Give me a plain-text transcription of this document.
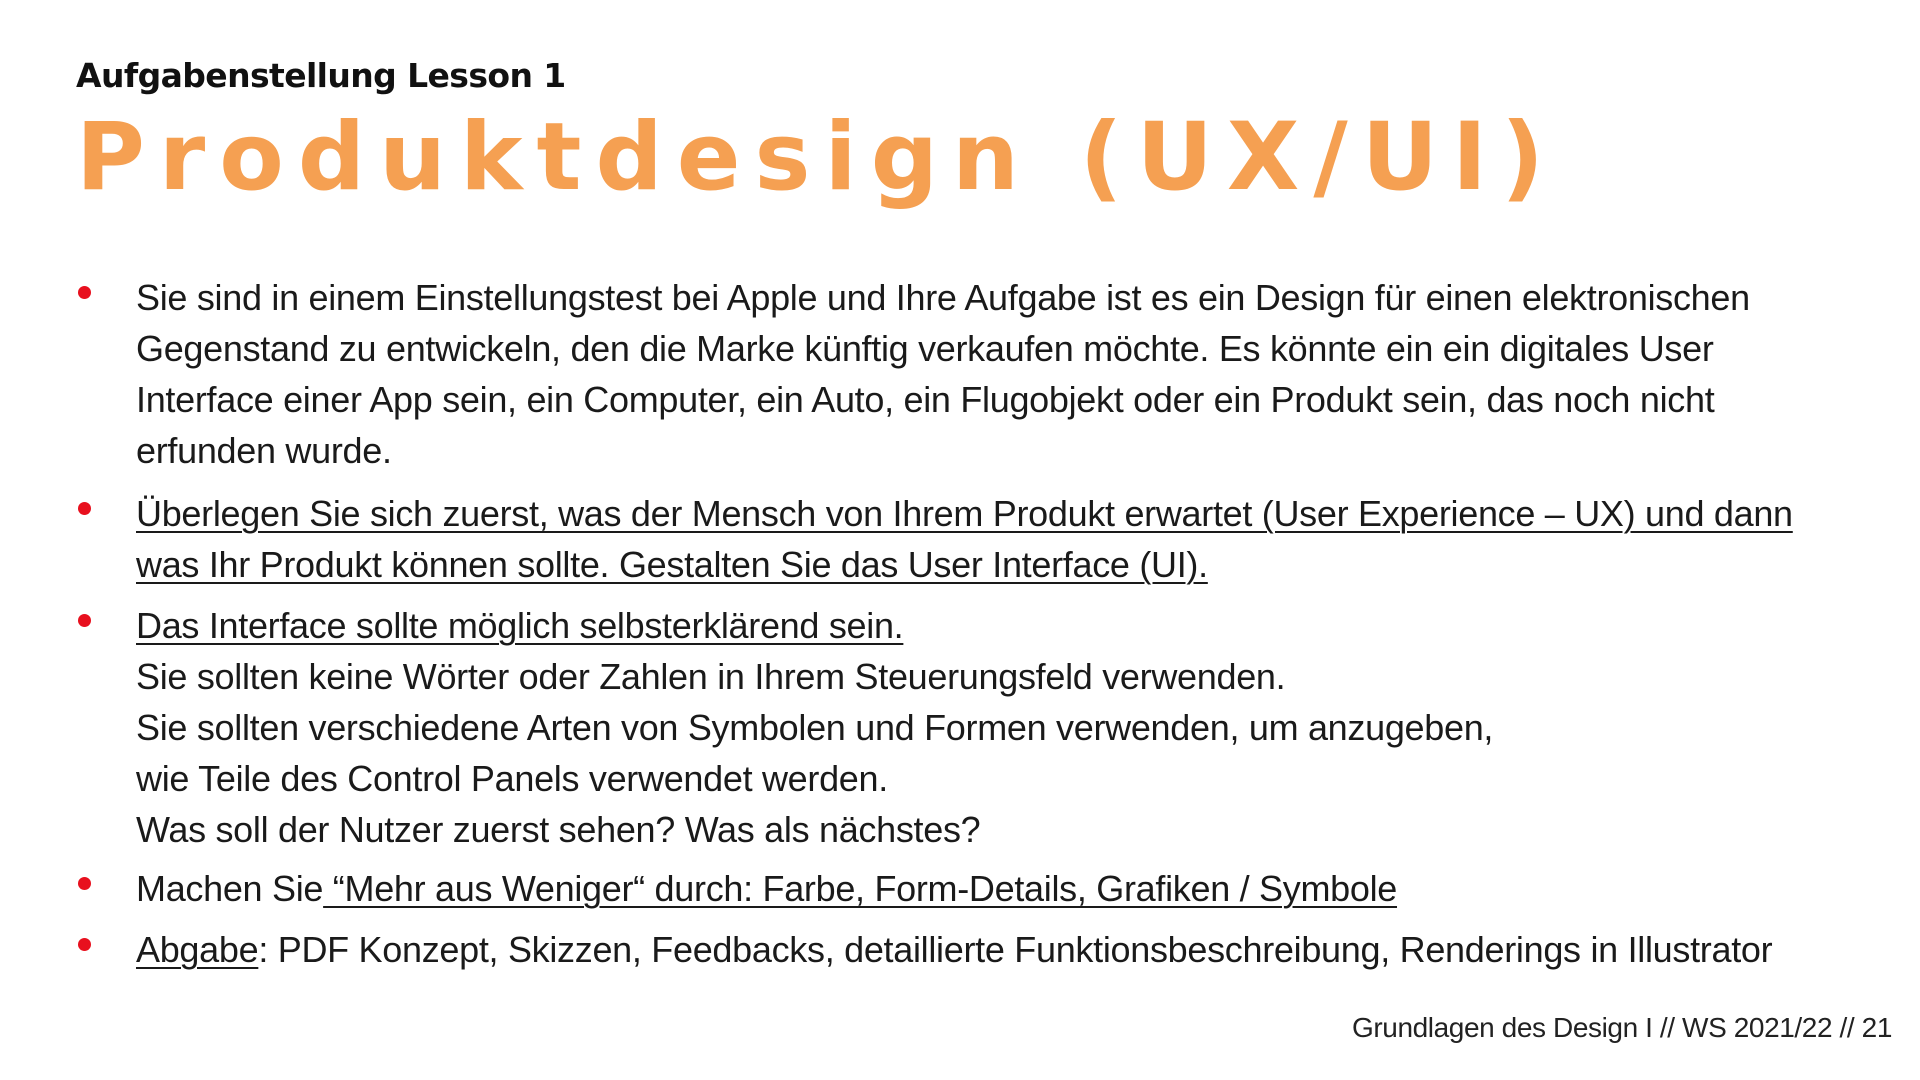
Aufgabenstellung Lesson 1
Produktdesign (UX/UI)
Sie sind in einem Einstellungstest bei Apple und Ihre Aufgabe ist es ein Design für einen elektronischen Gegenstand zu entwickeln, den die Marke künftig verkaufen möchte. Es könnte ein ein digitales User Interface einer App sein, ein Computer, ein Auto, ein Flugobjekt oder ein Produkt sein, das noch nicht erfunden wurde.
Überlegen Sie sich zuerst, was der Mensch von Ihrem Produkt erwartet (User Experience – UX) und dann was Ihr Produkt können sollte. Gestalten Sie das User Interface (UI).
Das Interface sollte möglich selbsterklärend sein.
Sie sollten keine Wörter oder Zahlen in Ihrem Steuerungsfeld verwenden.
Sie sollten verschiedene Arten von Symbolen und Formen verwenden, um anzugeben,
wie Teile des Control Panels verwendet werden.
Was soll der Nutzer zuerst sehen? Was als nächstes?
Machen Sie “Mehr aus Weniger“ durch: Farbe, Form-Details, Grafiken / Symbole
Abgabe: PDF Konzept, Skizzen, Feedbacks, detaillierte Funktionsbeschreibung, Renderings in Illustrator
Grundlagen des Design I // WS 2021/22 // 21
